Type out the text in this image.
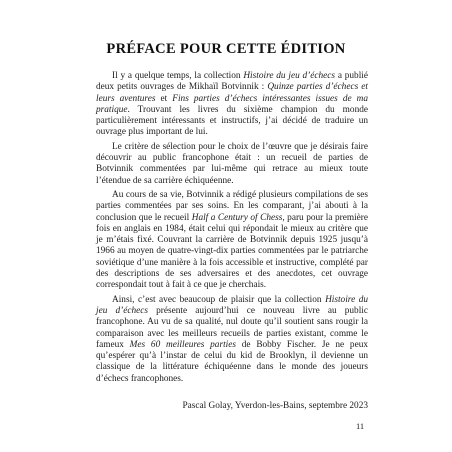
PRÉFACE POUR CETTE ÉDITION

Il y a quelque temps, la collection Histoire du jeu d’échecs a publié deux petits ouvrages de Mikhaïl Botvinnik : Quinze parties d’échecs et leurs aventures et Fins parties d’échecs intéressantes issues de ma pratique. Trouvant les livres du sixième champion du monde particulièrement intéressants et instructifs, j’ai décidé de traduire un ouvrage plus important de lui.

Le critère de sélection pour le choix de l’œuvre que je désirais faire découvrir au public francophone était : un recueil de parties de Botvinnik commentées par lui-même qui retrace au mieux toute l’étendue de sa carrière échiquéenne.

Au cours de sa vie, Botvinnik a rédigé plusieurs compilations de ses parties commentées par ses soins. En les comparant, j’ai abouti à la conclusion que le recueil Half a Century of Chess, paru pour la première fois en anglais en 1984, était celui qui répondait le mieux au critère que je m’étais fixé. Couvrant la carrière de Botvinnik depuis 1925 jusqu’à 1966 au moyen de quatre-vingt-dix parties commentées par le patriarche soviétique d’une manière à la fois accessible et instructive, complété par des descriptions de ses adversaires et des anecdotes, cet ouvrage correspondait tout à fait à ce que je cherchais.

Ainsi, c’est avec beaucoup de plaisir que la collection Histoire du jeu d’échecs présente aujourd’hui ce nouveau livre au public francophone. Au vu de sa qualité, nul doute qu’il soutient sans rougir la comparaison avec les meilleurs recueils de parties existant, comme le fameux Mes 60 meilleures parties de Bobby Fischer. Je ne peux qu’espérer qu’à l’instar de celui du kid de Brooklyn, il devienne un classique de la littérature échiquéenne dans le monde des joueurs d’échecs francophones.

Pascal Golay, Yverdon-les-Bains, septembre 2023

11
